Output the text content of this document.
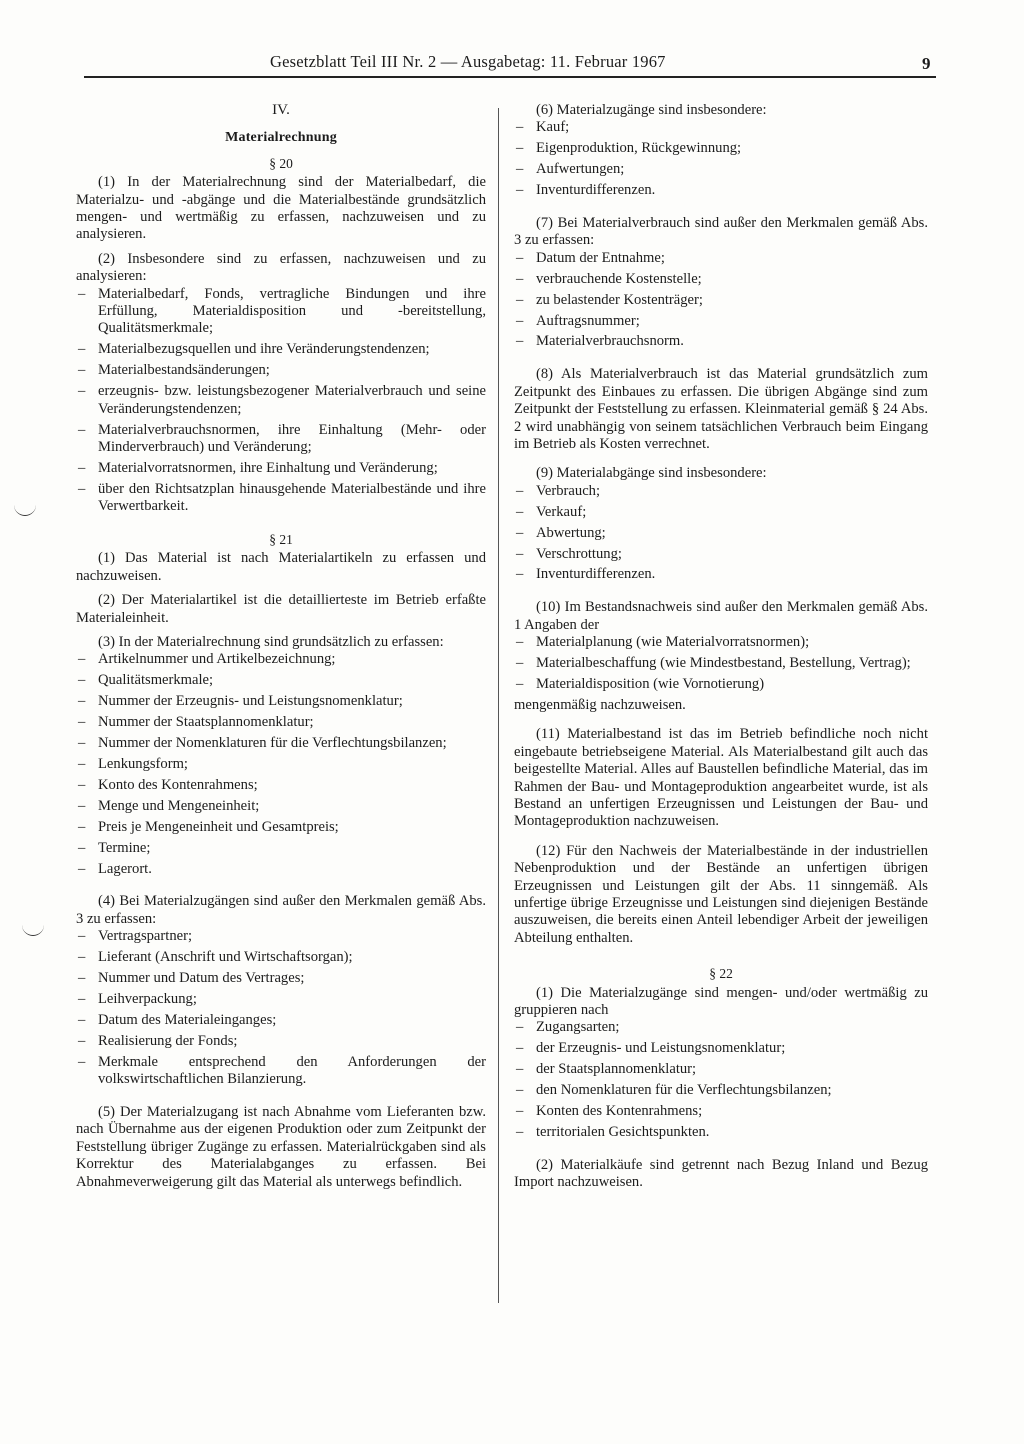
Gesetzblatt Teil III Nr. 2 — Ausgabetag: 11. Februar 1967	9
IV.
Materialrechnung
§ 20
(1) In der Materialrechnung sind der Materialbedarf, die Materialzu- und -abgänge und die Materialbestände grundsätzlich mengen- und wertmäßig zu erfassen, nachzuweisen und zu analysieren.
(2) Insbesondere sind zu erfassen, nachzuweisen und zu analysieren:
– Materialbedarf, Fonds, vertragliche Bindungen und ihre Erfüllung, Materialdisposition und -bereitstellung, Qualitätsmerkmale;
– Materialbezugsquellen und ihre Veränderungstendenzen;
– Materialbestandsänderungen;
– erzeugnis- bzw. leistungsbezogener Materialverbrauch und seine Veränderungstendenzen;
– Materialverbrauchsnormen, ihre Einhaltung (Mehr- oder Minderverbrauch) und Veränderung;
– Materialvorratsnormen, ihre Einhaltung und Veränderung;
– über den Richtsatzplan hinausgehende Materialbestände und ihre Verwertbarkeit.
§ 21
(1) Das Material ist nach Materialartikeln zu erfassen und nachzuweisen.
(2) Der Materialartikel ist die detaillierteste im Betrieb erfaßte Materialeinheit.
(3) In der Materialrechnung sind grundsätzlich zu erfassen:
– Artikelnummer und Artikelbezeichnung;
– Qualitätsmerkmale;
– Nummer der Erzeugnis- und Leistungsnomenklatur;
– Nummer der Staatsplannomenklatur;
– Nummer der Nomenklaturen für die Verflechtungsbilanzen;
– Lenkungsform;
– Konto des Kontenrahmens;
– Menge und Mengeneinheit;
– Preis je Mengeneinheit und Gesamtpreis;
– Termine;
– Lagerort.
(4) Bei Materialzugängen sind außer den Merkmalen gemäß Abs. 3 zu erfassen:
– Vertragspartner;
– Lieferant (Anschrift und Wirtschaftsorgan);
– Nummer und Datum des Vertrages;
– Leihverpackung;
– Datum des Materialeinganges;
– Realisierung der Fonds;
– Merkmale entsprechend den Anforderungen der volkswirtschaftlichen Bilanzierung.
(5) Der Materialzugang ist nach Abnahme vom Lieferanten bzw. nach Übernahme aus der eigenen Produktion oder zum Zeitpunkt der Feststellung übriger Zugänge zu erfassen. Materialrückgaben sind als Korrektur des Materialabganges zu erfassen. Bei Abnahmeverweigerung gilt das Material als unterwegs befindlich.
(6) Materialzugänge sind insbesondere:
– Kauf;
– Eigenproduktion, Rückgewinnung;
– Aufwertungen;
– Inventurdifferenzen.
(7) Bei Materialverbrauch sind außer den Merkmalen gemäß Abs. 3 zu erfassen:
– Datum der Entnahme;
– verbrauchende Kostenstelle;
– zu belastender Kostenträger;
– Auftragsnummer;
– Materialverbrauchsnorm.
(8) Als Materialverbrauch ist das Material grundsätzlich zum Zeitpunkt des Einbaues zu erfassen. Die übrigen Abgänge sind zum Zeitpunkt der Feststellung zu erfassen. Kleinmaterial gemäß § 24 Abs. 2 wird unabhängig von seinem tatsächlichen Verbrauch beim Eingang im Betrieb als Kosten verrechnet.
(9) Materialabgänge sind insbesondere:
– Verbrauch;
– Verkauf;
– Abwertung;
– Verschrottung;
– Inventurdifferenzen.
(10) Im Bestandsnachweis sind außer den Merkmalen gemäß Abs. 1 Angaben der
– Materialplanung (wie Materialvorratsnormen);
– Materialbeschaffung (wie Mindestbestand, Bestellung, Vertrag);
– Materialdisposition (wie Vornotierung)
mengenmäßig nachzuweisen.
(11) Materialbestand ist das im Betrieb befindliche noch nicht eingebaute betriebseigene Material. Als Materialbestand gilt auch das beigestellte Material. Alles auf Baustellen befindliche Material, das im Rahmen der Bau- und Montageproduktion angearbeitet wurde, ist als Bestand an unfertigen Erzeugnissen und Leistungen der Bau- und Montageproduktion nachzuweisen.
(12) Für den Nachweis der Materialbestände in der industriellen Nebenproduktion und der Bestände an unfertigen übrigen Erzeugnissen und Leistungen gilt der Abs. 11 sinngemäß. Als unfertige übrige Erzeugnisse und Leistungen sind diejenigen Bestände auszuweisen, die bereits einen Anteil lebendiger Arbeit der jeweiligen Abteilung enthalten.
§ 22
(1) Die Materialzugänge sind mengen- und/oder wertmäßig zu gruppieren nach
– Zugangsarten;
– der Erzeugnis- und Leistungsnomenklatur;
– der Staatsplannomenklatur;
– den Nomenklaturen für die Verflechtungsbilanzen;
– Konten des Kontenrahmens;
– territorialen Gesichtspunkten.
(2) Materialkäufe sind getrennt nach Bezug Inland und Bezug Import nachzuweisen.
